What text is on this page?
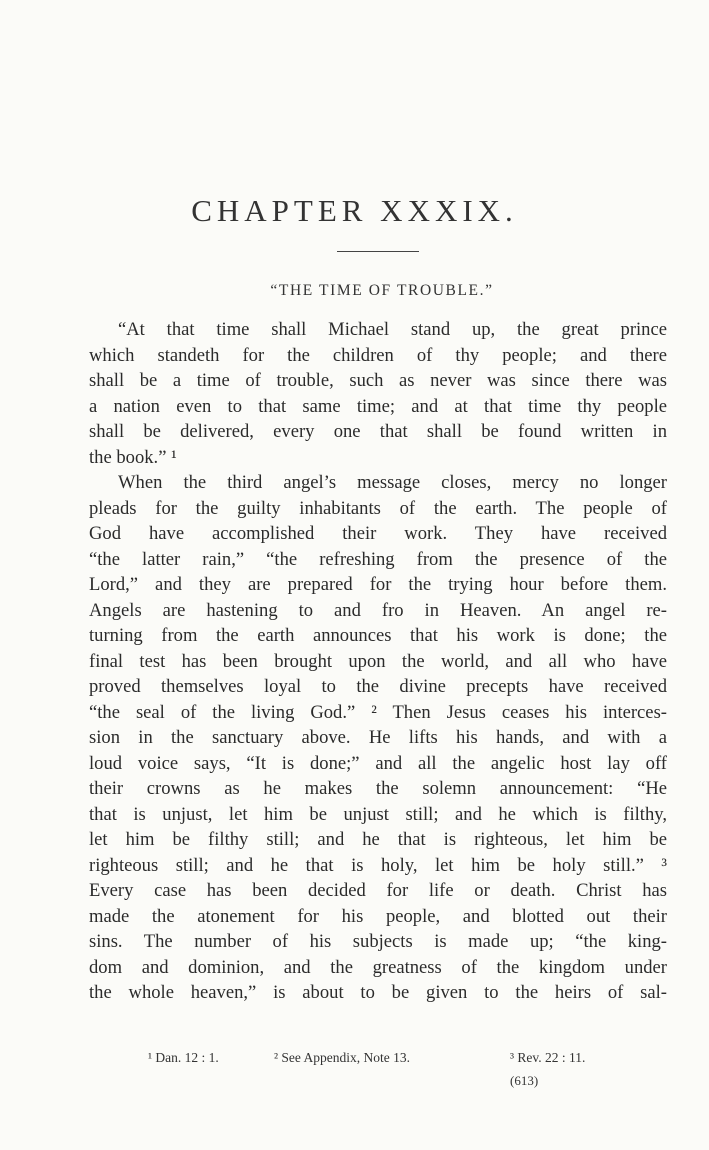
CHAPTER XXXIX.
“THE TIME OF TROUBLE.”
“At that time shall Michael stand up, the great prince
which standeth for the children of thy people; and there
shall be a time of trouble, such as never was since there was
a nation even to that same time; and at that time thy people
shall be delivered, every one that shall be found written in
the book.” ¹
When the third angel’s message closes, mercy no longer
pleads for the guilty inhabitants of the earth. The people of
God have accomplished their work. They have received
“the latter rain,” “the refreshing from the presence of the
Lord,” and they are prepared for the trying hour before them.
Angels are hastening to and fro in Heaven. An angel re-
turning from the earth announces that his work is done; the
final test has been brought upon the world, and all who have
proved themselves loyal to the divine precepts have received
“the seal of the living God.” ² Then Jesus ceases his interces-
sion in the sanctuary above. He lifts his hands, and with a
loud voice says, “It is done;” and all the angelic host lay off
their crowns as he makes the solemn announcement: “He
that is unjust, let him be unjust still; and he which is filthy,
let him be filthy still; and he that is righteous, let him be
righteous still; and he that is holy, let him be holy still.” ³
Every case has been decided for life or death. Christ has
made the atonement for his people, and blotted out their
sins. The number of his subjects is made up; “the king-
dom and dominion, and the greatness of the kingdom under
the whole heaven,” is about to be given to the heirs of sal-
¹ Dan. 12 : 1.	² See Appendix, Note 13.	³ Rev. 22 : 11.
(613)
